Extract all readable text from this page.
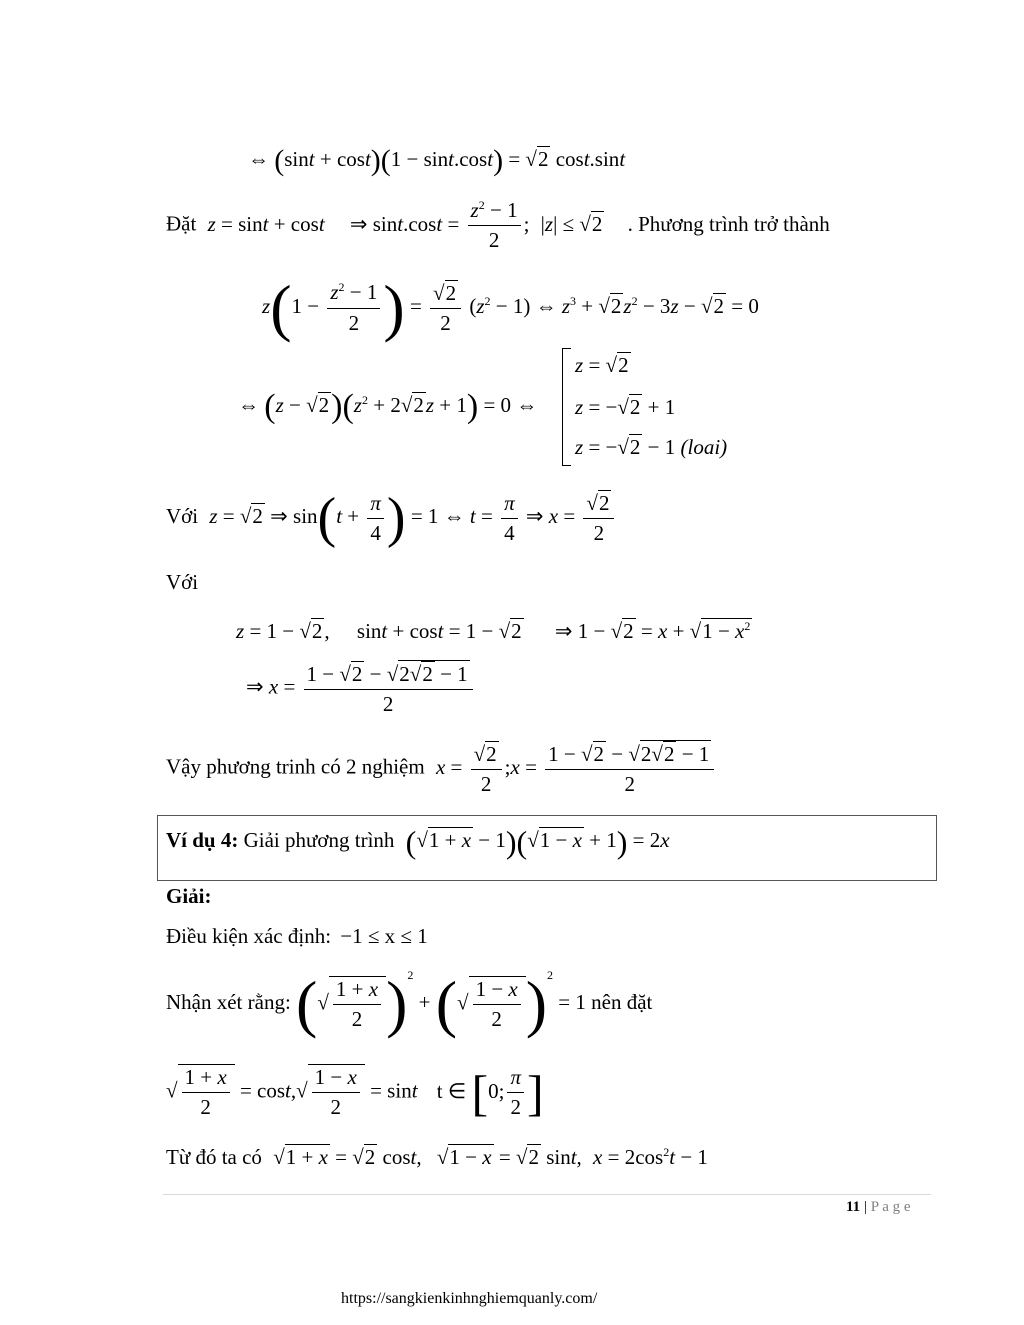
⇔ (sint + cost)(1 − sint.cost) = √2 cost.sint
Đặt z = sint + cost ⇒ $\sin t.\cos t = \frac{z^2 - 1}{2}$ ; |z| ≤ √2 . Phương trình trở thành
$z(1 - \frac{z^2 - 1}{2}$ ) = $\frac{√2}{2} (z^2 - 1)$ ⇔ $z^3 + √2z^2 - 3z - √2 = 0$
⇔ $(z - √2)(z^2 + 2√2z + 1) = 0$ ⇔
z = √2
z = −√2 + 1
z = −√2 − 1 (loai)
Với z = √2 ⇒ $\sin(t + \frac{\pi}{4}$ ) = 1 ⇔ $t = \frac{\pi}{4}$ ⇒ $x = \frac{√2}{2}$
Với
z = 1 − √2, sint + cost = 1 − √2 ⇒ $1 - √2 = x + √1 - x^2$
⇒ $x = \frac{1 - √2 - √2√2 - 1}{2}$
Vậy phương trinh có 2 nghiệm $x = \frac{√2}{2}$ ;x = $\frac{1 - √2 - √2√2 - 1}{2}$
Ví dụ 4: Giải phương trình (√1 + x − 1)(√1 − x + 1) = 2x
Giải:
Điều kiện xác định: −1 ≤ x ≤ 1
Nhận xét rằng: (√ $\frac{1 + x}{2} )^2$ + (√ $\frac{1 - x}{2} )^2 = 1$ nên đặt
√ $\frac{1 + x}{2} = \cos t,√ \frac{1 - x}{2} = \sin t$ t ∈ [0; $\frac{\pi}{2}$ ]
Từ đó ta có √1 + x = √2 cost, √1 − x = √2 sint, $x = 2\cos^2t - 1$
11 | P a g e
https://sangkienkinhnghiemquanly.com/
